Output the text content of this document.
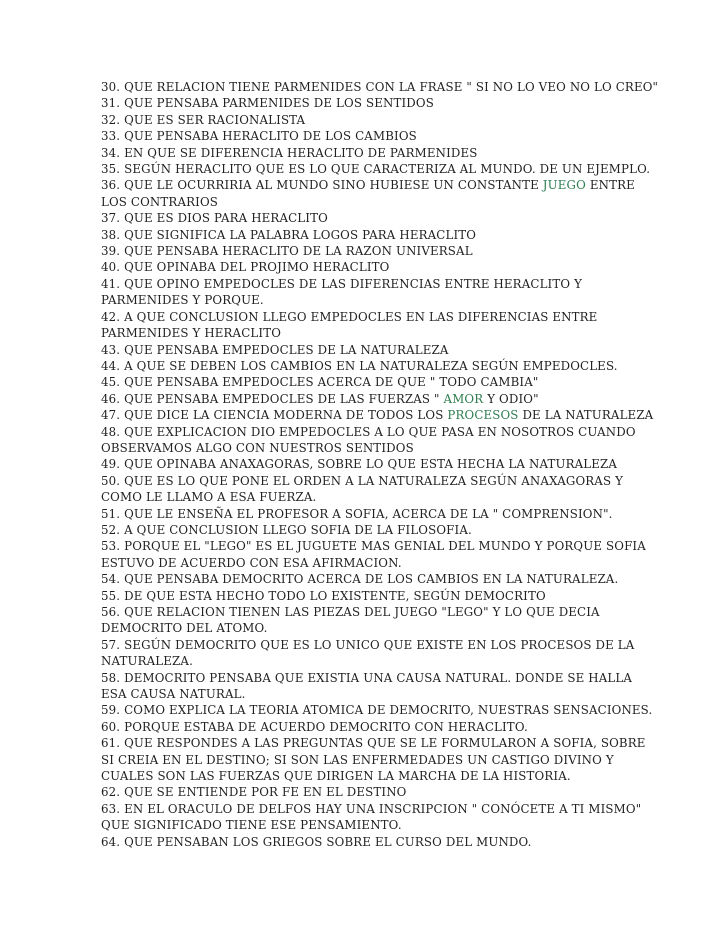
30. QUE RELACION TIENE PARMENIDES CON LA FRASE " SI NO LO VEO NO LO CREO"

31. QUE PENSABA PARMENIDES DE LOS SENTIDOS

32. QUE ES SER RACIONALISTA

33. QUE PENSABA HERACLITO DE LOS CAMBIOS

34. EN QUE SE DIFERENCIA HERACLITO DE PARMENIDES

35. SEGÚN HERACLITO QUE ES LO QUE CARACTERIZA AL MUNDO. DE UN EJEMPLO.

36. QUE LE OCURRIRIA AL MUNDO SINO HUBIESE UN CONSTANTE JUEGO ENTRE LOS CONTRARIOS

37. QUE ES DIOS PARA HERACLITO

38. QUE SIGNIFICA LA PALABRA LOGOS PARA HERACLITO

39. QUE PENSABA HERACLITO DE LA RAZON UNIVERSAL

40. QUE OPINABA DEL PROJIMO HERACLITO

41. QUE OPINO EMPEDOCLES DE LAS DIFERENCIAS ENTRE HERACLITO Y PARMENIDES Y PORQUE.

42. A QUE CONCLUSION LLEGO EMPEDOCLES EN LAS DIFERENCIAS ENTRE PARMENIDES Y HERACLITO

43. QUE PENSABA EMPEDOCLES DE LA NATURALEZA

44. A QUE SE DEBEN LOS CAMBIOS EN LA NATURALEZA SEGÚN EMPEDOCLES.

45. QUE PENSABA EMPEDOCLES ACERCA DE QUE " TODO CAMBIA"

46. QUE PENSABA EMPEDOCLES DE LAS FUERZAS " AMOR Y ODIO"

47. QUE DICE LA CIENCIA MODERNA DE TODOS LOS PROCESOS DE LA NATURALEZA

48. QUE EXPLICACION DIO EMPEDOCLES A LO QUE PASA EN NOSOTROS CUANDO OBSERVAMOS ALGO CON NUESTROS SENTIDOS

49. QUE OPINABA ANAXAGORAS, SOBRE LO QUE ESTA HECHA LA NATURALEZA

50. QUE ES LO QUE PONE EL ORDEN A LA NATURALEZA SEGÚN ANAXAGORAS Y COMO LE LLAMO A ESA FUERZA.

51. QUE LE ENSEÑA EL PROFESOR A SOFIA, ACERCA DE LA " COMPRENSION".

52. A QUE CONCLUSION LLEGO SOFIA DE LA FILOSOFIA.

53. PORQUE EL "LEGO" ES EL JUGUETE MAS GENIAL DEL MUNDO Y PORQUE SOFIA ESTUVO DE ACUERDO CON ESA AFIRMACION.

54. QUE PENSABA DEMOCRITO ACERCA DE LOS CAMBIOS EN LA NATURALEZA.

55. DE QUE ESTA HECHO TODO LO EXISTENTE, SEGÚN DEMOCRITO

56. QUE RELACION TIENEN LAS PIEZAS DEL JUEGO "LEGO" Y LO QUE DECIA DEMOCRITO DEL ATOMO.

57. SEGÚN DEMOCRITO QUE ES LO UNICO QUE EXISTE EN LOS PROCESOS DE LA NATURALEZA.

58. DEMOCRITO PENSABA QUE EXISTIA UNA CAUSA NATURAL. DONDE SE HALLA ESA CAUSA NATURAL.

59. COMO EXPLICA LA TEORIA ATOMICA DE DEMOCRITO, NUESTRAS SENSACIONES.

60. PORQUE ESTABA DE ACUERDO DEMOCRITO CON HERACLITO.

61. QUE RESPONDES A LAS PREGUNTAS QUE SE LE FORMULARON A SOFIA, SOBRE SI CREIA EN EL DESTINO; SI SON LAS ENFERMEDADES UN CASTIGO DIVINO Y CUALES SON LAS FUERZAS QUE DIRIGEN LA MARCHA DE LA HISTORIA.

62. QUE SE ENTIENDE POR FE EN EL DESTINO

63. EN EL ORACULO DE DELFOS HAY UNA INSCRIPCION " CONÓCETE A TI MISMO" QUE SIGNIFICADO TIENE ESE PENSAMIENTO.

64. QUE PENSABAN LOS GRIEGOS SOBRE EL CURSO DEL MUNDO.
